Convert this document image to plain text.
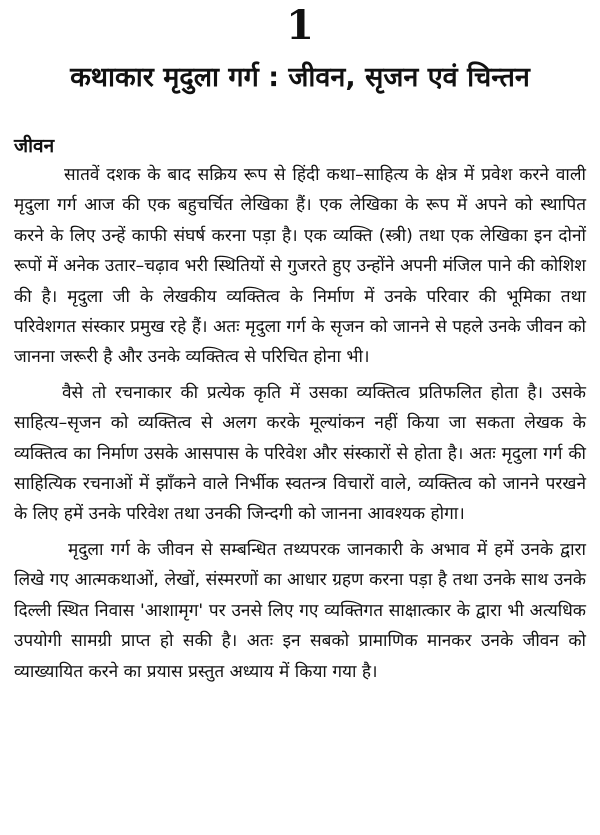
1
कथाकार मृदुला गर्ग : जीवन, सृजन एवं चिन्तन
जीवन

सातवें दशक के बाद सक्रिय रूप से हिंदी कथा–साहित्य के क्षेत्र में प्रवेश करने वाली मृदुला गर्ग आज की एक बहुचर्चित लेखिका हैं। एक लेखिका के रूप में अपने को स्थापित करने के लिए उन्हें काफी संघर्ष करना पड़ा है। एक व्यक्ति (स्त्री) तथा एक लेखिका इन दोनों रूपों में अनेक उतार–चढ़ाव भरी स्थितियों से गुजरते हुए उन्होंने अपनी मंजिल पाने की कोशिश की है। मृदुला जी के लेखकीय व्यक्तित्व के निर्माण में उनके परिवार की भूमिका तथा परिवेशगत संस्कार प्रमुख रहे हैं। अतः मृदुला गर्ग के सृजन को जानने से पहले उनके जीवन को जानना जरूरी है और उनके व्यक्तित्व से परिचित होना भी।

वैसे तो रचनाकार की प्रत्येक कृति में उसका व्यक्तित्व प्रतिफलित होता है। उसके साहित्य–सृजन को व्यक्तित्व से अलग करके मूल्यांकन नहीं किया जा सकता लेखक के व्यक्तित्व का निर्माण उसके आसपास के परिवेश और संस्कारों से होता है। अतः मृदुला गर्ग की साहित्यिक रचनाओं में झाँकने वाले निर्भीक स्वतन्त्र विचारों वाले, व्यक्तित्व को जानने परखने के लिए हमें उनके परिवेश तथा उनकी जिन्दगी को जानना आवश्यक होगा।

मृदुला गर्ग के जीवन से सम्बन्धित तथ्यपरक जानकारी के अभाव में हमें उनके द्वारा लिखे गए आत्मकथाओं, लेखों, संस्मरणों का आधार ग्रहण करना पड़ा है तथा उनके साथ उनके दिल्ली स्थित निवास 'आशामृग' पर उनसे लिए गए व्यक्तिगत साक्षात्कार के द्वारा भी अत्यधिक उपयोगी सामग्री प्राप्त हो सकी है। अतः इन सबको प्रामाणिक मानकर उनके जीवन को व्याख्यायित करने का प्रयास प्रस्तुत अध्याय में किया गया है।
